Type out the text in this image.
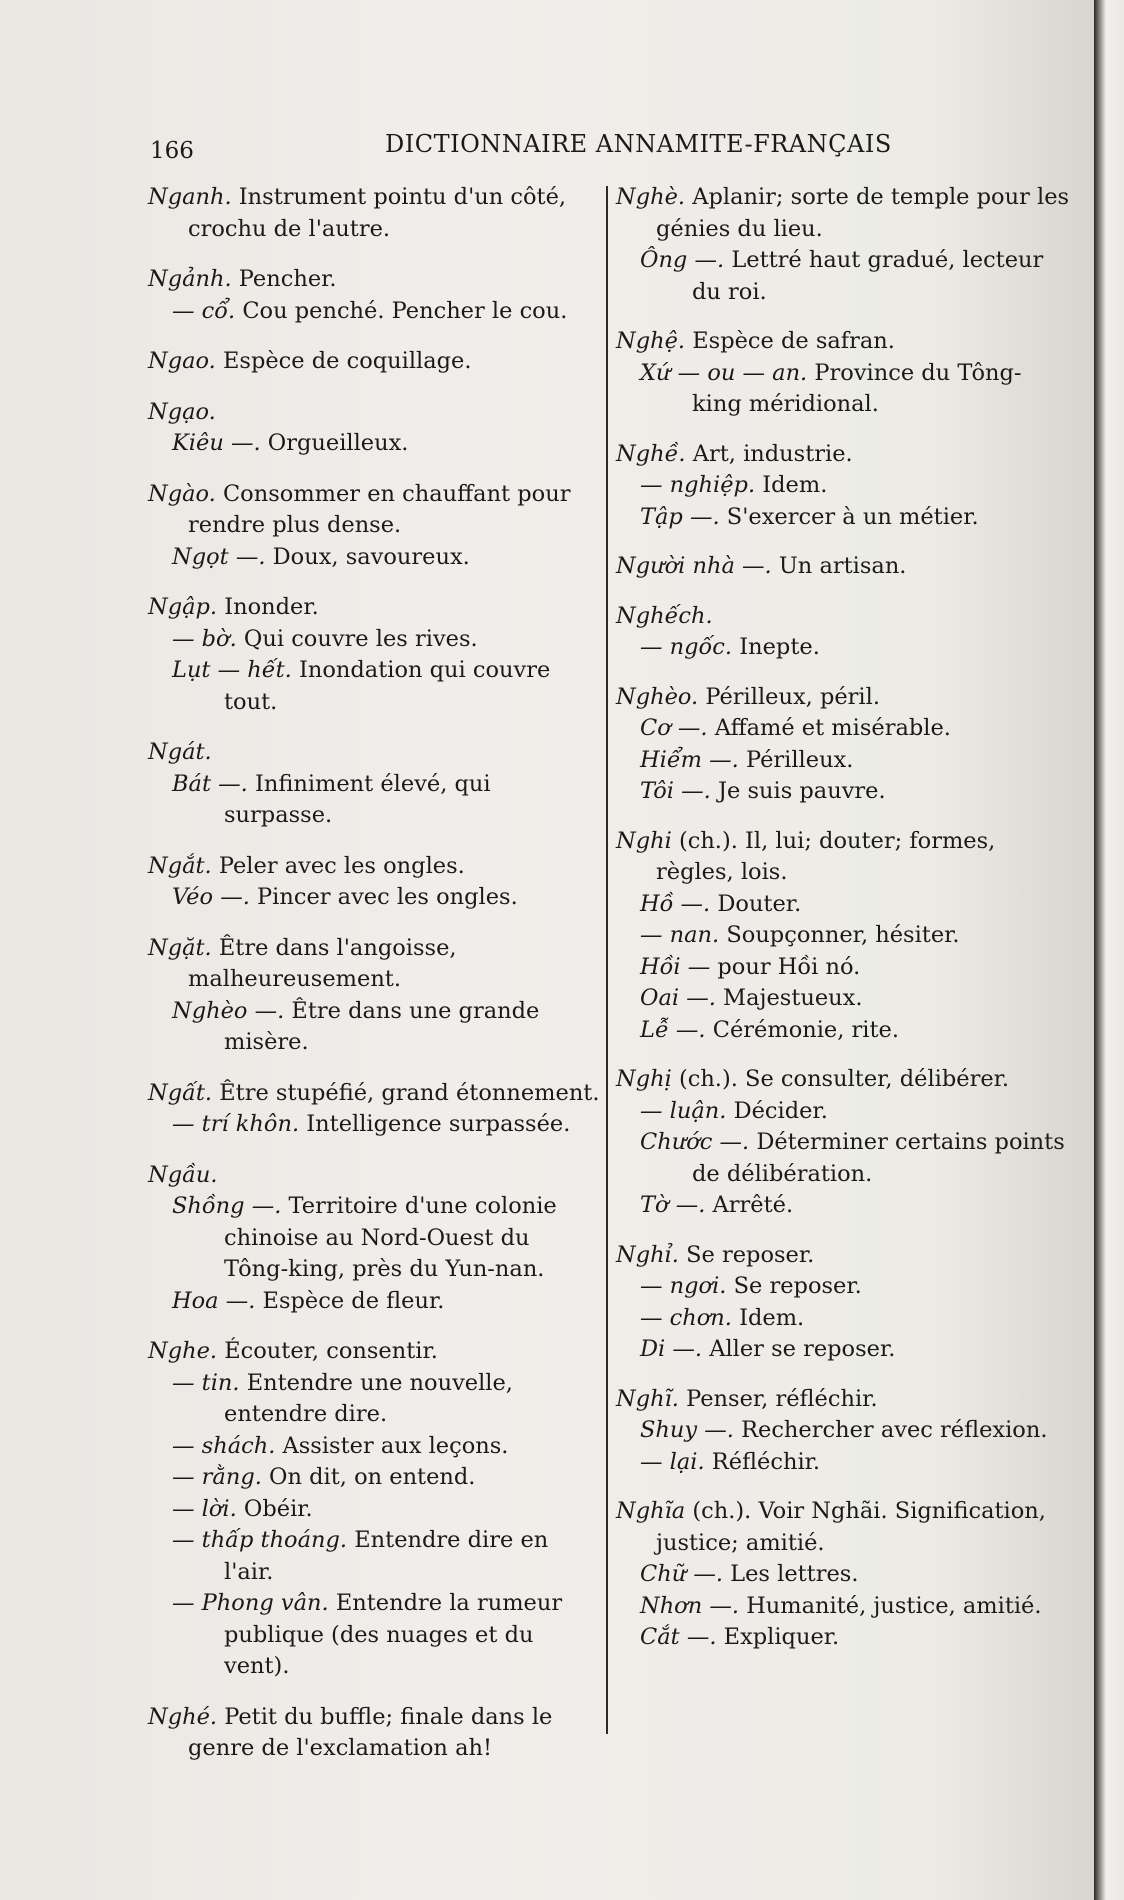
166	DICTIONNAIRE ANNAMITE-FRANÇAIS
Nganh. Instrument pointu d'un côté, crochu de l'autre.
Ngảnh. Pencher.
— cổ. Cou penché. Pencher le cou.
Ngao. Espèce de coquillage.
Ngạo.
Kiêu —. Orgueilleux.
Ngào. Consommer en chauffant pour rendre plus dense.
Ngọt —. Doux, savoureux.
Ngập. Inonder.
— bờ. Qui couvre les rives.
Lụt — hết. Inondation qui couvre tout.
Ngát.
Bát —. Infiniment élevé, qui surpasse.
Ngắt. Peler avec les ongles.
Véo —. Pincer avec les ongles.
Ngặt. Être dans l'angoisse, malheureusement.
Nghèo —. Être dans une grande misère.
Ngất. Être stupéfié, grand étonnement.
— trí khôn. Intelligence surpassée.
Ngầu.
Shồng —. Territoire d'une colonie chinoise au Nord-Ouest du Tông-king, près du Yun-nan.
Hoa —. Espèce de fleur.
Nghe. Écouter, consentir.
— tin. Entendre une nouvelle, entendre dire.
— shách. Assister aux leçons.
— rằng. On dit, on entend.
— lời. Obéir.
— thấp thoáng. Entendre dire en l'air.
— Phong vân. Entendre la rumeur publique (des nuages et du vent).
Nghé. Petit du buffle; finale dans le genre de l'exclamation ah!
Nghè. Aplanir; sorte de temple pour les génies du lieu.
Ông —. Lettré haut gradué, lecteur du roi.
Nghệ. Espèce de safran.
Xứ — ou — an. Province du Tông-king méridional.
Nghề. Art, industrie.
— nghiệp. Idem.
Tập —. S'exercer à un métier.
Người nhà —. Un artisan.
Nghếch.
— ngốc. Inepte.
Nghèo. Périlleux, péril.
Cơ —. Affamé et misérable.
Hiểm —. Périlleux.
Tôi —. Je suis pauvre.
Nghi (ch.). Il, lui; douter; formes, règles, lois.
Hồ —. Douter.
— nan. Soupçonner, hésiter.
Hồi — pour Hồi nó.
Oai —. Majestueux.
Lễ —. Cérémonie, rite.
Nghị (ch.). Se consulter, délibérer.
— luận. Décider.
Chước —. Déterminer certains points de délibération.
Tờ —. Arrêté.
Nghỉ. Se reposer.
— ngơi. Se reposer.
— chơn. Idem.
Di —. Aller se reposer.
Nghĩ. Penser, réfléchir.
Shuy —. Rechercher avec réflexion.
— lại. Réfléchir.
Nghĩa (ch.). Voir Nghãi. Signification, justice; amitié.
Chữ —. Les lettres.
Nhơn —. Humanité, justice, amitié.
Cắt —. Expliquer.
